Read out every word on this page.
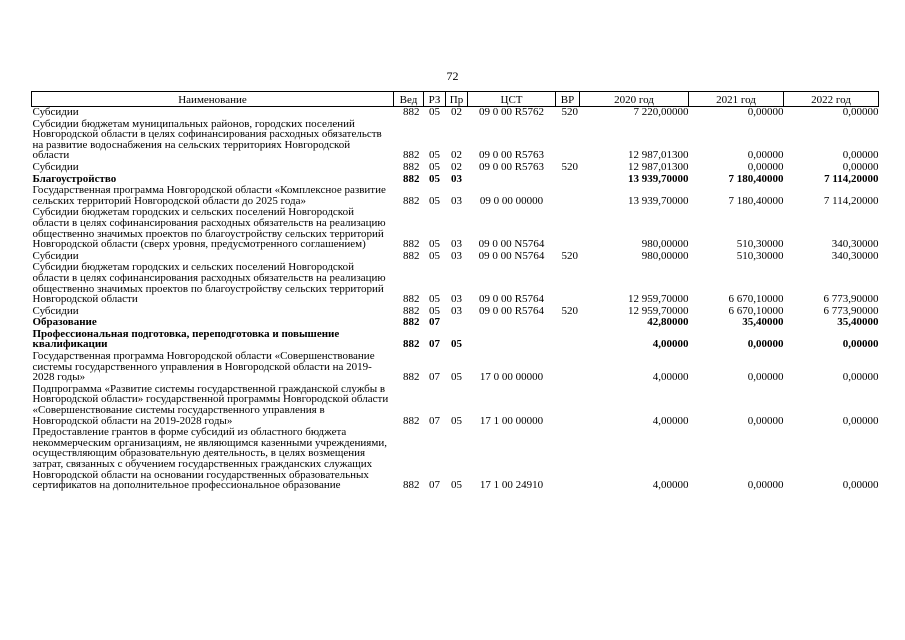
72
Наименование	Вед	РЗ	Пр	ЦСТ	ВР	2020 год	2021 год	2022 год
Субсидии	882	05	02	09 0 00 R5762	520	7 220,00000	0,00000	0,00000
Субсидии бюджетам муниципальных районов, городских поселений Новгородской области в целях софинансирования расходных обязательств на развитие водоснабжения на сельских территориях Новгородской области	882	05	02	09 0 00 R5763		12 987,01300	0,00000	0,00000
Субсидии	882	05	02	09 0 00 R5763	520	12 987,01300	0,00000	0,00000
Благоустройство	882	05	03			13 939,70000	7 180,40000	7 114,20000
Государственная программа Новгородской области «Комплексное развитие сельских территорий Новгородской области до 2025 года»	882	05	03	09 0 00 00000		13 939,70000	7 180,40000	7 114,20000
Субсидии бюджетам городских и сельских поселений Новгородской области в целях софинансирования расходных обязательств на реализацию общественно значимых проектов по благоустройству сельских территорий Новгородской области (сверх уровня, предусмотренного соглашением)	882	05	03	09 0 00 N5764		980,00000	510,30000	340,30000
Субсидии	882	05	03	09 0 00 N5764	520	980,00000	510,30000	340,30000
Субсидии бюджетам городских и сельских поселений Новгородской области в целях софинансирования расходных обязательств на реализацию общественно значимых проектов по благоустройству сельских территорий Новгородской области	882	05	03	09 0 00 R5764		12 959,70000	6 670,10000	6 773,90000
Субсидии	882	05	03	09 0 00 R5764	520	12 959,70000	6 670,10000	6 773,90000
Образование	882	07				42,80000	35,40000	35,40000
Профессиональная подготовка, переподготовка и повышение квалификации	882	07	05			4,00000	0,00000	0,00000
Государственная программа Новгородской области «Совершенствование системы государственного управления в Новгородской области на 2019-2028 годы»	882	07	05	17 0 00 00000		4,00000	0,00000	0,00000
Подпрограмма «Развитие системы государственной гражданской службы в Новгородской области» государственной программы Новгородской области «Совершенствование системы государственного управления в Новгородской области на 2019-2028 годы»	882	07	05	17 1 00 00000		4,00000	0,00000	0,00000
Предоставление грантов в форме субсидий из областного бюджета некоммерческим организациям, не являющимся казенными учреждениями, осуществляющим образовательную деятельность, в целях возмещения затрат, связанных с обучением государственных гражданских служащих Новгородской области на основании государственных образовательных сертификатов на дополнительное профессиональное образование	882	07	05	17 1 00 24910		4,00000	0,00000	0,00000
